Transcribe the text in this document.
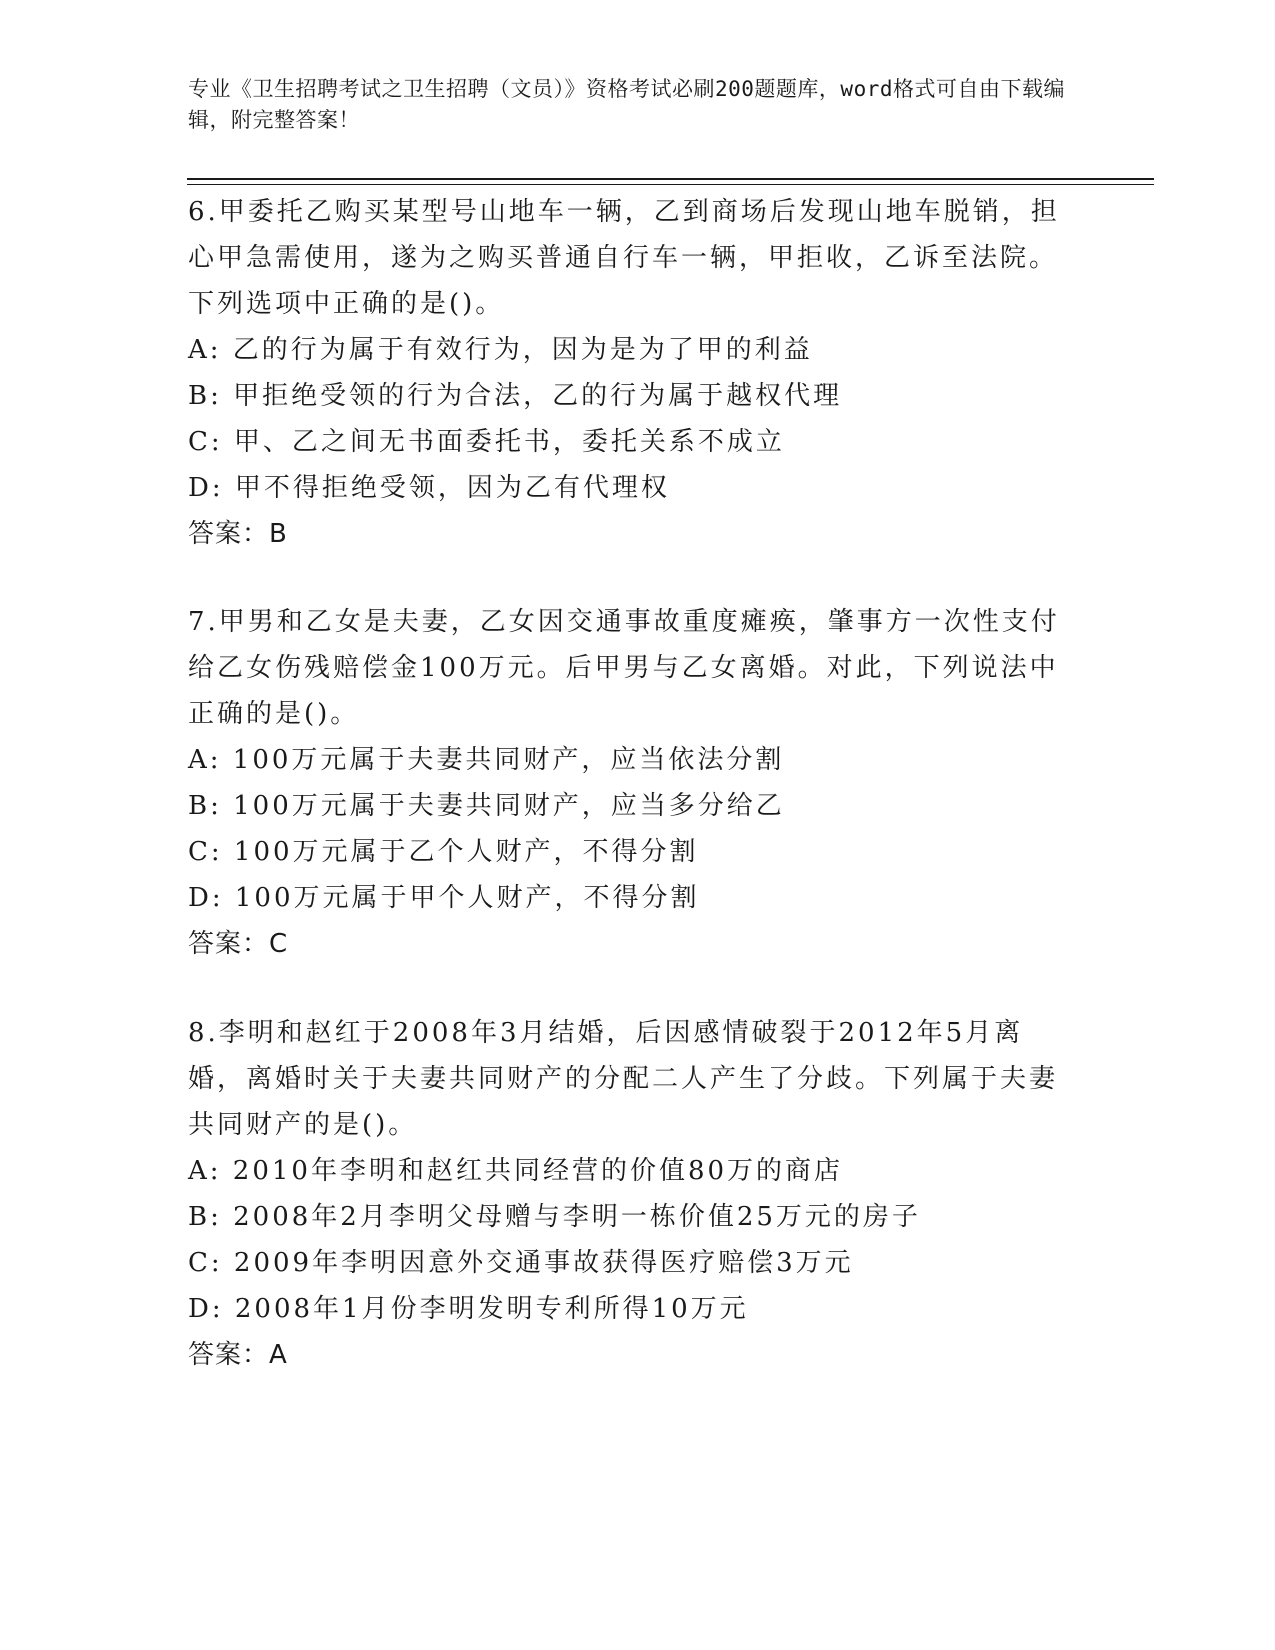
专业《卫生招聘考试之卫生招聘（文员）》资格考试必刷200题题库，word格式可自由下载编辑，附完整答案！

6.甲委托乙购买某型号山地车一辆，乙到商场后发现山地车脱销，担心甲急需使用，遂为之购买普通自行车一辆，甲拒收，乙诉至法院。下列选项中正确的是()。

A: 乙的行为属于有效行为，因为是为了甲的利益

B: 甲拒绝受领的行为合法，乙的行为属于越权代理

C: 甲、乙之间无书面委托书，委托关系不成立

D: 甲不得拒绝受领，因为乙有代理权

答案：B

7.甲男和乙女是夫妻，乙女因交通事故重度瘫痪，肇事方一次性支付给乙女伤残赔偿金100万元。后甲男与乙女离婚。对此，下列说法中正确的是()。

A: 100万元属于夫妻共同财产，应当依法分割

B: 100万元属于夫妻共同财产，应当多分给乙

C: 100万元属于乙个人财产，不得分割

D: 100万元属于甲个人财产，不得分割

答案：C

8.李明和赵红于2008年3月结婚，后因感情破裂于2012年5月离婚，离婚时关于夫妻共同财产的分配二人产生了分歧。下列属于夫妻共同财产的是()。

A: 2010年李明和赵红共同经营的价值80万的商店

B: 2008年2月李明父母赠与李明一栋价值25万元的房子

C: 2009年李明因意外交通事故获得医疗赔偿3万元

D: 2008年1月份李明发明专利所得10万元

答案：A
